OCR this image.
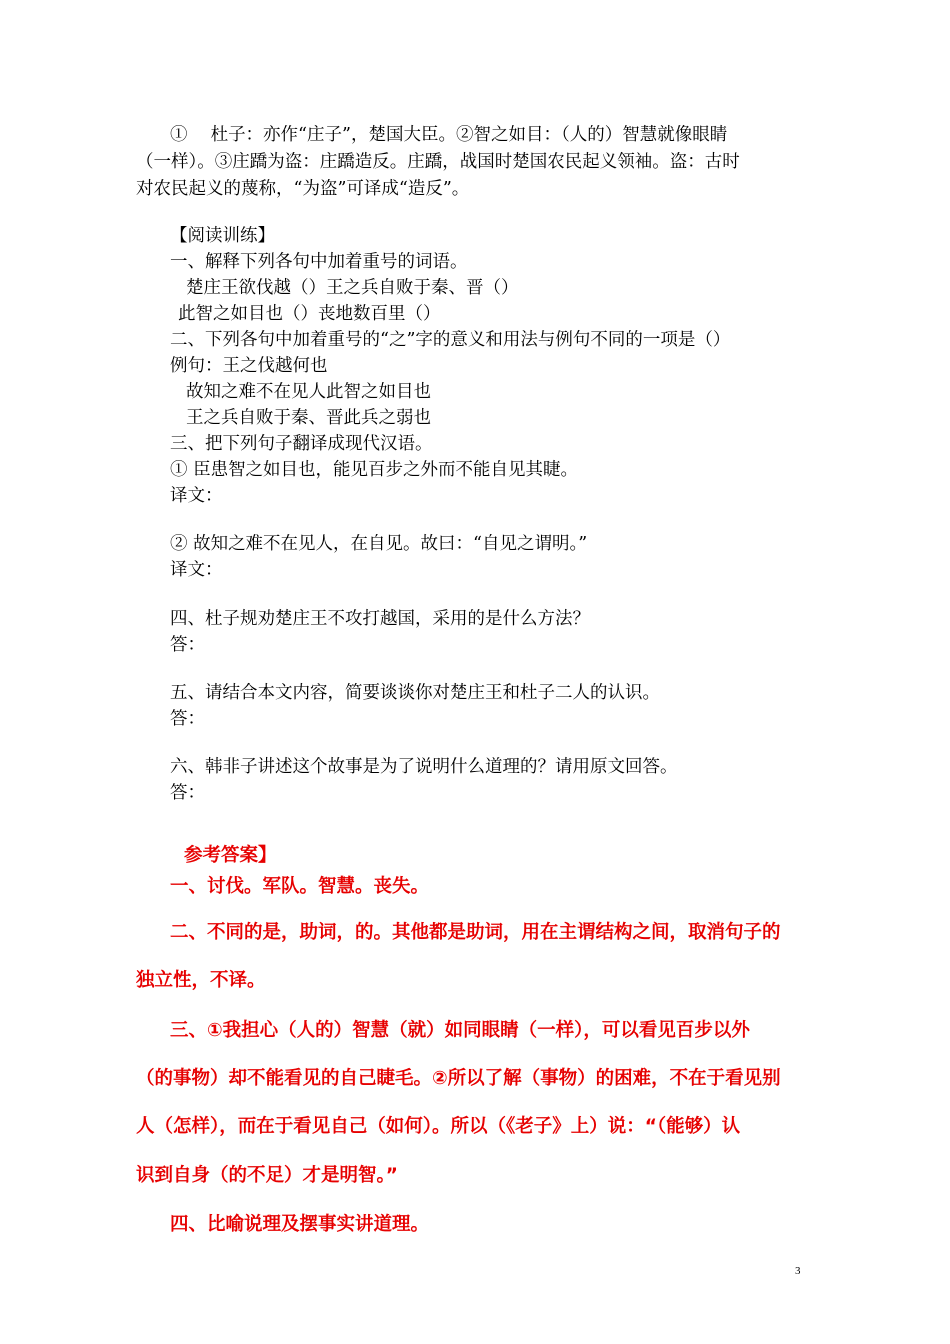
①　 杜子：亦作“庄子”，楚国大臣。②智之如目：（人的）智慧就像眼睛
（一样）。③庄蹻为盗：庄蹻造反。庄蹻，战国时楚国农民起义领袖。盗：古时
对农民起义的蔑称，“为盗”可译成“造反”。
【阅读训练】
一、解释下列各句中加着重号的词语。
楚庄王欲伐越（）王之兵自败于秦、晋（）
此智之如目也（）丧地数百里（）
二、下列各句中加着重号的“之”字的意义和用法与例句不同的一项是（）
例句：王之伐越何也
故知之难不在见人此智之如目也
王之兵自败于秦、晋此兵之弱也
三、把下列句子翻译成现代汉语。
① 臣患智之如目也，能见百步之外而不能自见其睫。
译文：
② 故知之难不在见人，在自见。故曰：“自见之谓明。”
译文：
四、杜子规劝楚庄王不攻打越国，采用的是什么方法？
答：
五、请结合本文内容，简要谈谈你对楚庄王和杜子二人的认识。
答：
六、韩非子讲述这个故事是为了说明什么道理的？请用原文回答。
答：
参考答案】
一、讨伐。军队。智慧。丧失。
二、不同的是，助词，的。其他都是助词，用在主谓结构之间，取消句子的
独立性，不译。
三、①我担心（人的）智慧（就）如同眼睛（一样），可以看见百步以外
（的事物）却不能看见的自己睫毛。②所以了解（事物）的困难，不在于看见别
人（怎样），而在于看见自己（如何）。所以（《老子》上）说：“（能够）认
识到自身（的不足）才是明智。”
四、比喻说理及摆事实讲道理。
3
